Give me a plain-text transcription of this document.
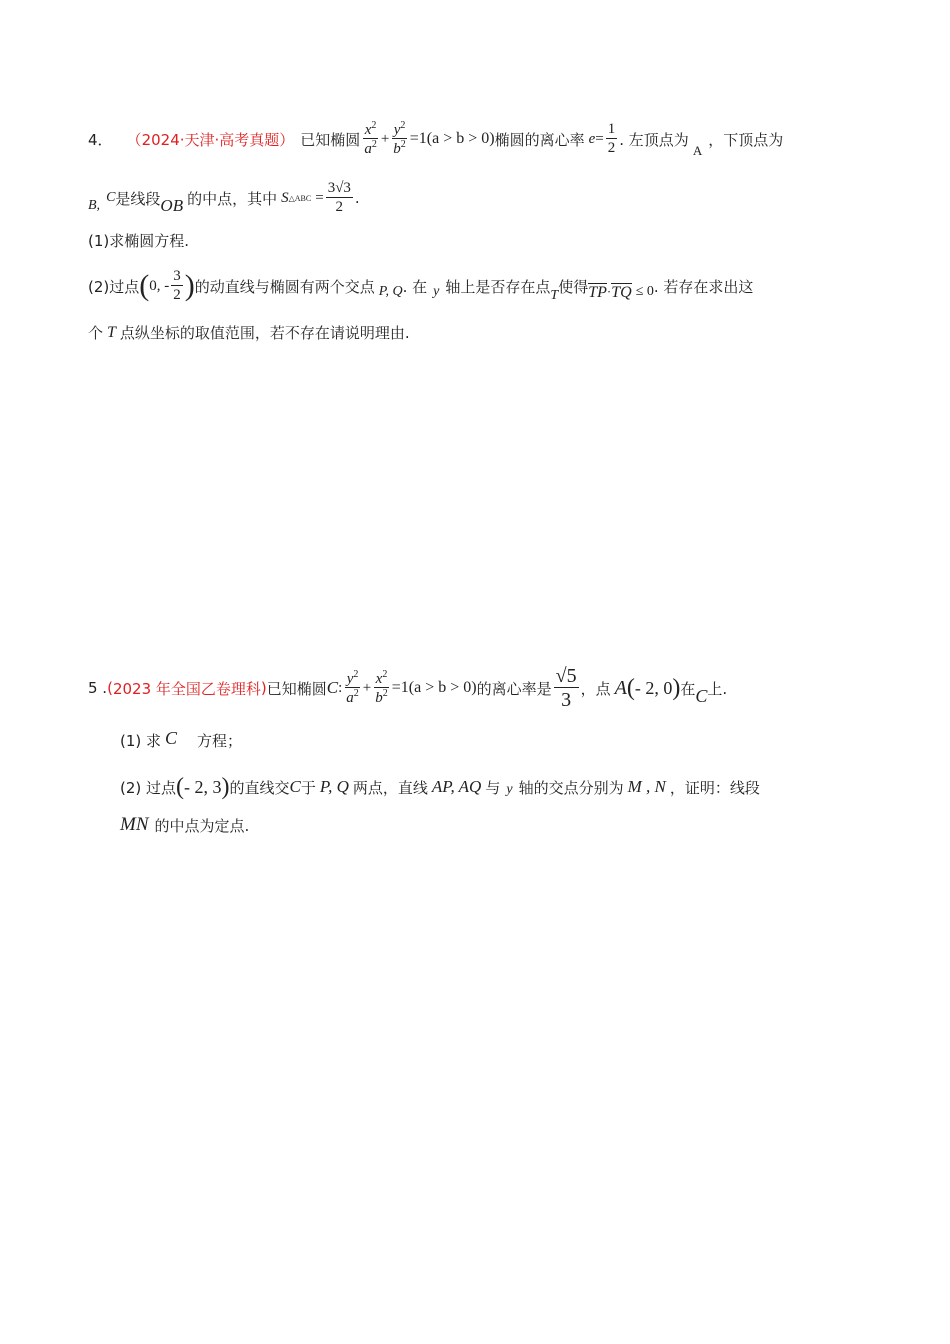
4． （ 2024·天津·高考真题 ） 已知椭圆 $\frac{x^2}{a^2} + \frac{y^2}{b^2} =1(a > b > 0)$ 椭圆的离心率 $e = \frac{1}{2}$ . 左顶点为
A
，下顶点为
B,
C 是线段 OB 的中点，其中 S △ABC = $\frac{3√3}{2}$ .
(1)求椭圆方程.
(2)过点 ( 0, - $\frac{3}{2}$ ) 的动直线与椭圆有两个交点 P, Q . 在 y 轴上是否存在点 T 使得 TP · TQ ≤ 0 . 若存在求出这
个 T 点纵坐标的取值范围，若不存在请说明理由.
5 . ( 2023 年全国乙卷理科 ) 已知椭圆 C : $\frac{y^2}{a^2} + \frac{x^2}{b^2} =1(a > b > 0)$ 的离心率是 $\frac{√5}{3}$ ，点 A ( - 2, 0 ) 在 C 上.
(1) 求 C 方程；
(2) 过点 ( - 2, 3 ) 的直线交 C 于 P, Q 两点，直线 AP, AQ 与 y 轴的交点分别为 M , N ，证明：线段
MN 的中点为定点.
